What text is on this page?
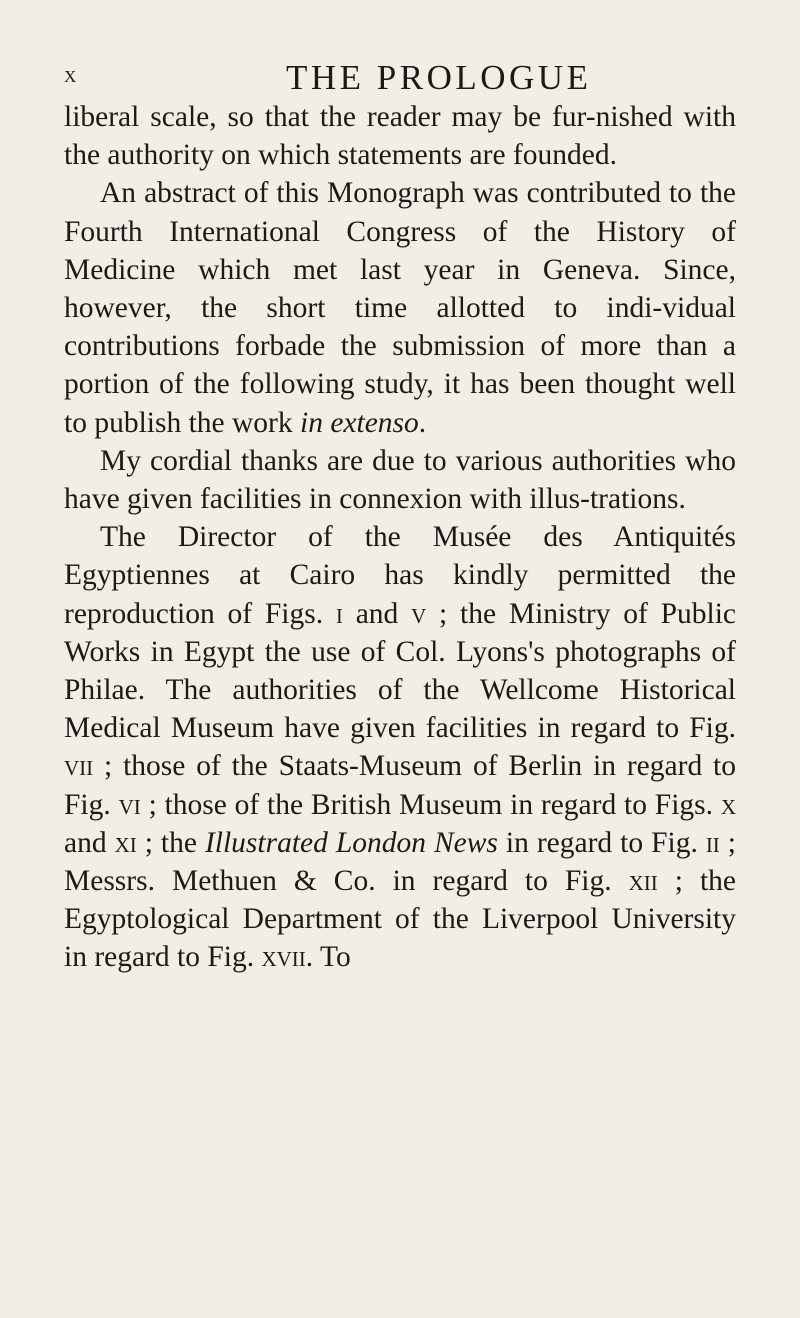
x	THE PROLOGUE

liberal scale, so that the reader may be fur-nished with the authority on which statements are founded.

An abstract of this Monograph was contributed to the Fourth International Congress of the History of Medicine which met last year in Geneva. Since, however, the short time allotted to indi-vidual contributions forbade the submission of more than a portion of the following study, it has been thought well to publish the work in extenso.

My cordial thanks are due to various authorities who have given facilities in connexion with illus-trations.

The Director of the Musée des Antiquités Egyptiennes at Cairo has kindly permitted the reproduction of Figs. i and v ; the Ministry of Public Works in Egypt the use of Col. Lyons's photographs of Philae. The authorities of the Wellcome Historical Medical Museum have given facilities in regard to Fig. vii ; those of the Staats-Museum of Berlin in regard to Fig. vi ; those of the British Museum in regard to Figs. x and xi ; the Illustrated London News in regard to Fig. ii ; Messrs. Methuen & Co. in regard to Fig. xii ; the Egyptological Department of the Liverpool University in regard to Fig. xvii. To
